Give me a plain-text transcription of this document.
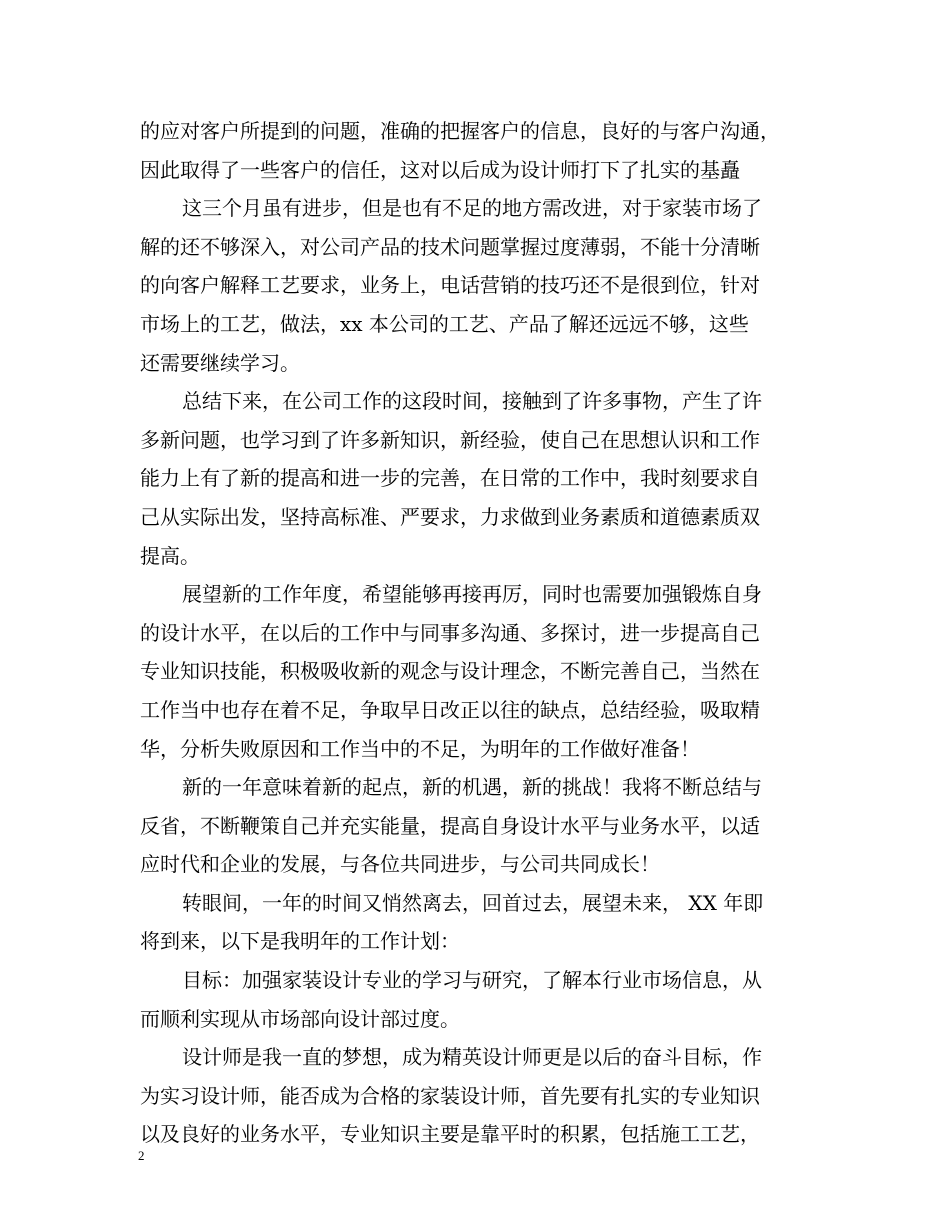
的应对客户所提到的问题，准确的把握客户的信息，良好的与客户沟通，
因此取得了一些客户的信任，这对以后成为设计师打下了扎实的基矗
这三个月虽有进步，但是也有不足的地方需改进，对于家装市场了
解的还不够深入，对公司产品的技术问题掌握过度薄弱，不能十分清晰
的向客户解释工艺要求，业务上，电话营销的技巧还不是很到位，针对
市场上的工艺，做法，xx 本公司的工艺、产品了解还远远不够，这些
还需要继续学习。
总结下来，在公司工作的这段时间，接触到了许多事物，产生了许
多新问题，也学习到了许多新知识，新经验，使自己在思想认识和工作
能力上有了新的提高和进一步的完善，在日常的工作中，我时刻要求自
己从实际出发，坚持高标准、严要求，力求做到业务素质和道德素质双
提高。
展望新的工作年度，希望能够再接再厉，同时也需要加强锻炼自身
的设计水平，在以后的工作中与同事多沟通、多探讨，进一步提高自己
专业知识技能，积极吸收新的观念与设计理念，不断完善自己，当然在
工作当中也存在着不足，争取早日改正以往的缺点，总结经验，吸取精
华，分析失败原因和工作当中的不足，为明年的工作做好准备！
新的一年意味着新的起点，新的机遇，新的挑战！我将不断总结与
反省，不断鞭策自己并充实能量，提高自身设计水平与业务水平，以适
应时代和企业的发展，与各位共同进步，与公司共同成长！
转眼间，一年的时间又悄然离去，回首过去，展望未来， XX 年即
将到来，以下是我明年的工作计划：
目标：加强家装设计专业的学习与研究，了解本行业市场信息，从
而顺利实现从市场部向设计部过度。
设计师是我一直的梦想，成为精英设计师更是以后的奋斗目标，作
为实习设计师，能否成为合格的家装设计师，首先要有扎实的专业知识
以及良好的业务水平，专业知识主要是靠平时的积累，包括施工工艺，
2
